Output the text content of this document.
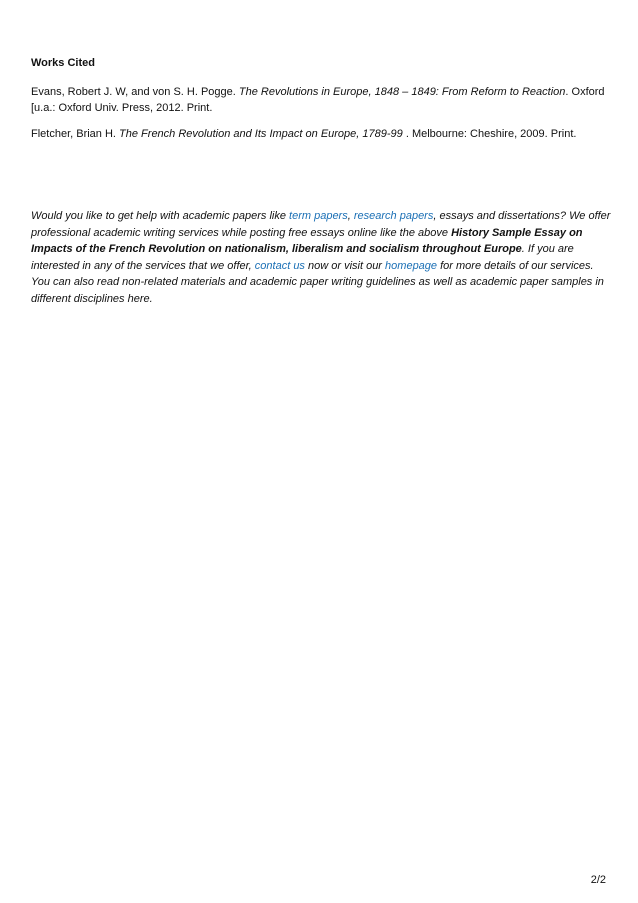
Works Cited

Evans, Robert J. W, and von S. H. Pogge. The Revolutions in Europe, 1848 – 1849: From Reform to Reaction. Oxford [u.a.: Oxford Univ. Press, 2012. Print.

Fletcher, Brian H. The French Revolution and Its Impact on Europe, 1789-99 . Melbourne: Cheshire, 2009. Print.

Would you like to get help with academic papers like term papers, research papers, essays and dissertations? We offer professional academic writing services while posting free essays online like the above History Sample Essay on Impacts of the French Revolution on nationalism, liberalism and socialism throughout Europe. If you are interested in any of the services that we offer, contact us now or visit our homepage for more details of our services. You can also read non-related materials and academic paper writing guidelines as well as academic paper samples in different disciplines here.

2/2
